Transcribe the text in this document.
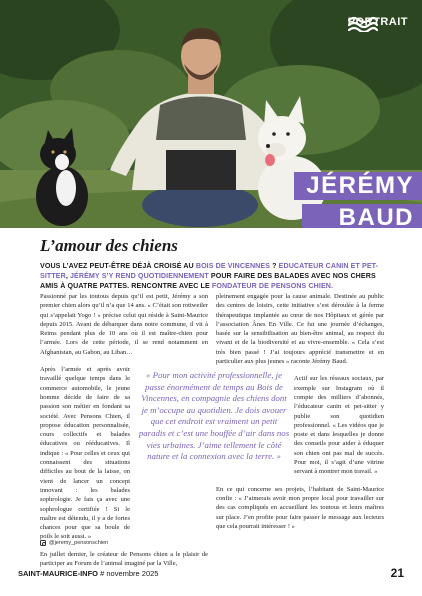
PORTRAIT
JÉRÉMY
BAUD
L’amour des chiens
VOUS L’AVEZ PEUT-ÊTRE DÉJÀ CROISÉ AU BOIS DE VINCENNES ? EDUCATEUR CANIN ET PET-SITTER, JÉRÉMY S’Y REND QUOTIDIENNEMENT POUR FAIRE DES BALADES AVEC NOS CHERS AMIS À QUATRE PATTES. RENCONTRE AVEC LE FONDATEUR DE PENSONS CHIEN.

Passionné par les toutous depuis qu’il est petit, Jérémy a son premier chien alors qu’il n’a que 14 ans. « C’était son rottweiler qui s’appelait Yogo ! » précise celui qui réside à Saint-Maurice depuis 2015. Avant de débarquer dans notre commune, il vit à Reims pendant plus de 10 ans où il est maître-chien pour l’armée. Lors de cette période, il se rend notamment en Afghanistan, au Gabon, au Liban…

Après l’armée et après avoir travaillé quelque temps dans le commerce automobile, le jeune homme décide de faire de sa passion son métier en fondant sa société. Avec Pensons Chien, il propose éducation personnalisée, cours collectifs et balades éducatives ou rééducatives. Il indique : « Pour celles et ceux qui connaissent des situations difficiles au bout de la laisse, on vient de lancer un concept innovant : les balades sophrologie. Je fais ça avec une sophrologue certifiée ! Si le maître est détendu, il y a de fortes chances pour que sa boule de poils le soit aussi. »

En juillet dernier, le créateur de Pensons chien a le plaisir de participer au Forum de l’animal imaginé par la Ville,

pleinement engagée pour la cause animale. Destinée au public des centres de loisirs, cette initiative s’est déroulée à la ferme thérapeutique implantée au cœur de nos Hôpitaux et gérée par l’association Ânes En Ville. Ce fut une journée d’échanges, basée sur la sensibilisation au bien-être animal, au respect du vivant et de la biodiversité et au vivre-ensemble. « Cela s’est très bien passé ! J’ai toujours apprécié transmettre et en particulier aux plus jeunes » raconte Jérémy Baud.

Actif sur les réseaux sociaux, par exemple sur Instagram où il compte des milliers d’abonnés, l’éducateur canin et pet-sitter y publie son quotidien professionnel. « Les vidéos que je poste et dans lesquelles je donne des conseils pour aider à éduquer son chien ont pas mal de succès. Pour moi, il s’agit d’une vitrine servant à montrer mon travail. »

En ce qui concerne ses projets, l’habitant de Saint-Maurice confie : « J’aimerais avoir mon propre local pour travailler sur des cas compliqués en accueillant les toutous et leurs maîtres sur place. J’en profite pour faire passer le message aux lecteurs que cela pourrait intéresser ! »

« Pour mon activité professionnelle, je passe énormément de temps au Bois de Vincennes, en compagnie des chiens dont je m’occupe au quotidien. Je dois avouer que cet endroit est vraiment un petit paradis et c’est une bouffée d’air dans nos vies urbaines. J’aime tellement le côté nature et la connexion avec la terre. »
@jeremy_pensonschien
SAINT-MAURICE-INFO # novembre 2025	21
